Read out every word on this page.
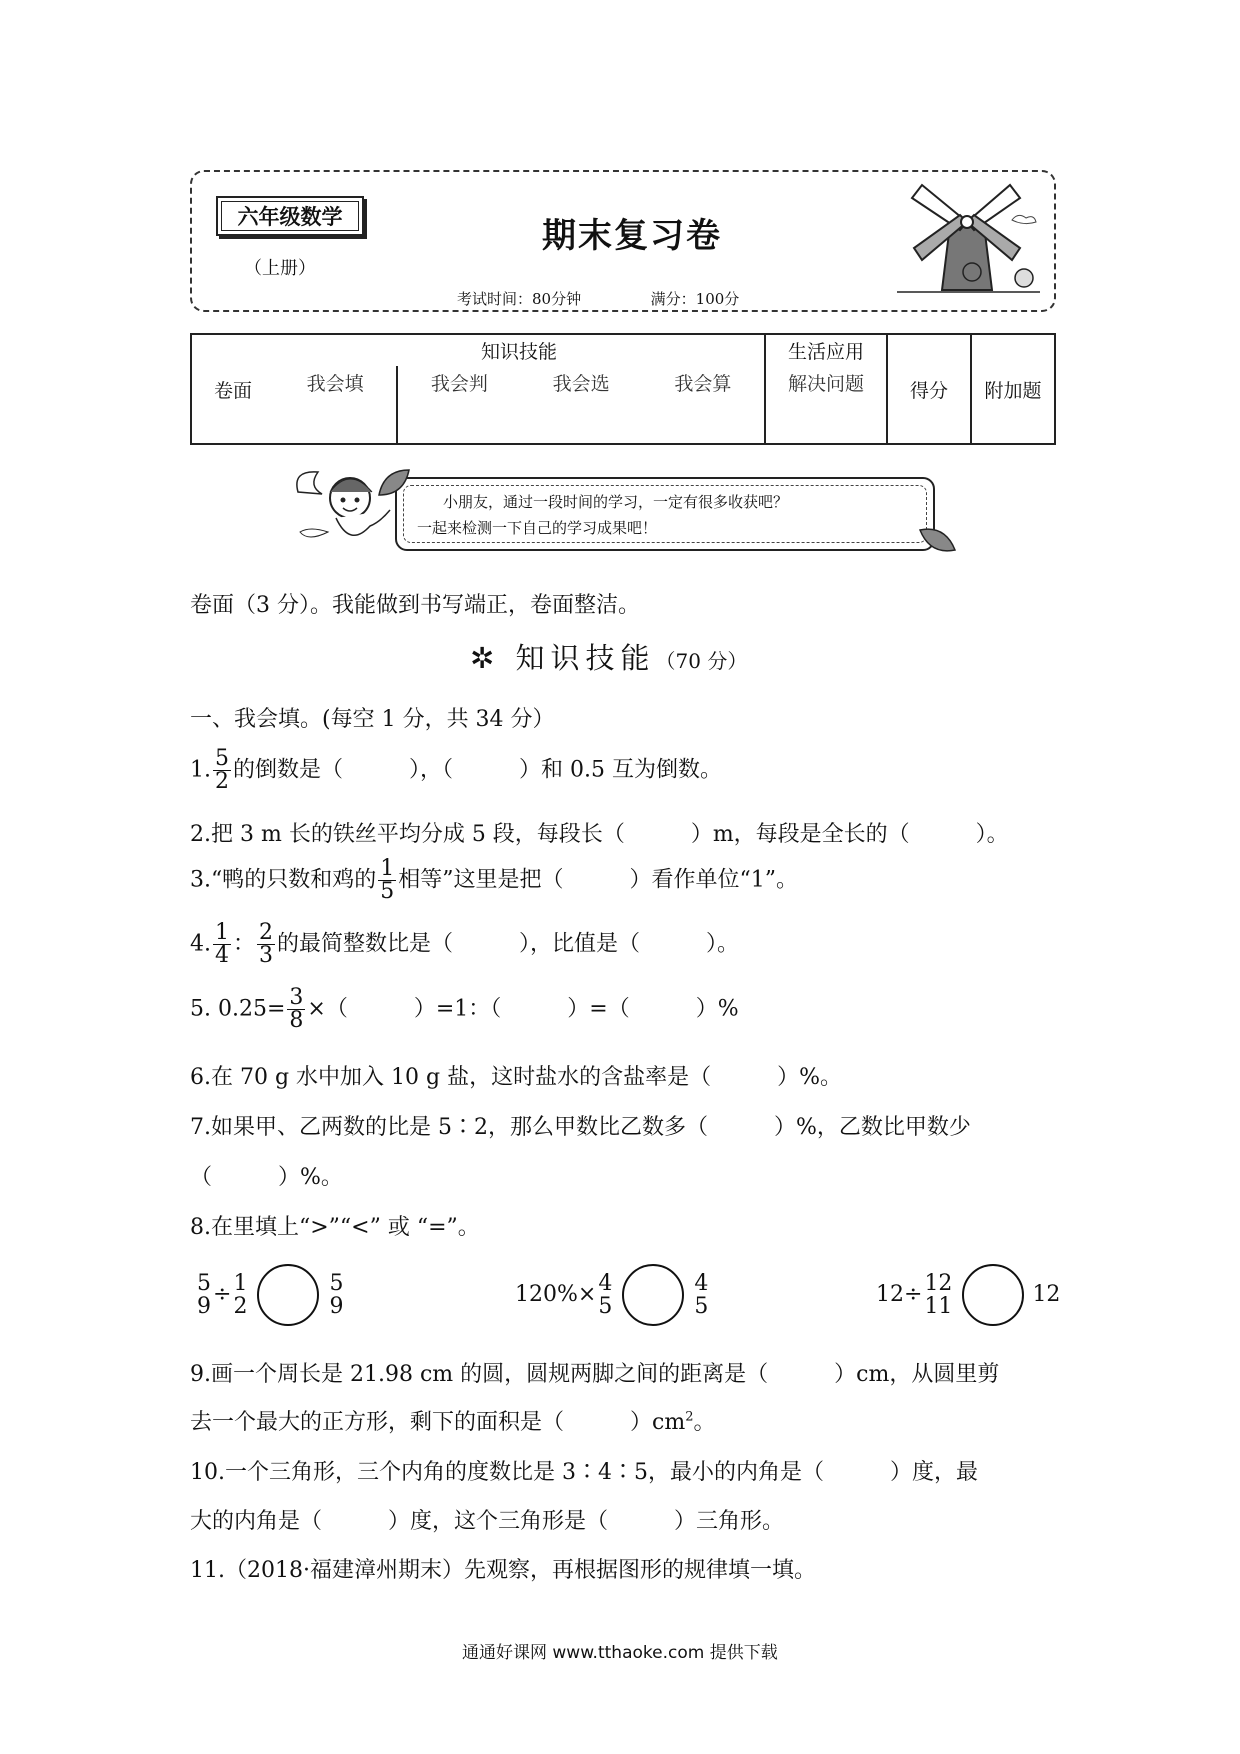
六年级数学
（上册）
期末复习卷
考试时间：80分钟	满分：100分
卷面	知识技能				生活应用	得分	附加题
	我会填	我会判	我会选	我会算	解决问题		

小朋友，通过一段时间的学习，一定有很多收获吧？
一起来检测一下自己的学习成果吧！
卷面（3 分）。我能做到书写端正，卷面整洁。
✲ 知识技能（70 分）
一、我会填。(每空 1 分，共 34 分）
1. $\frac{5}{2}$ 的倒数是（　　　），（　　　）和 0.5 互为倒数。
2.把 3 m 长的铁丝平均分成 5 段，每段长（　　　）m，每段是全长的（　　　）。
3.“鸭的只数和鸡的 $\frac{1}{5}$ 相等”这里是把（　　　）看作单位“1”。
4. $\frac{1}{4}$ ： $\frac{2}{3}$ 的最简整数比是（　　　），比值是（　　　）。
5. $0.25= \frac{3}{8}$ ×（　　　）=1：（　　　）=（　　　）%
6.在 70 g 水中加入 10 g 盐，这时盐水的含盐率是（　　　）%。
7.如果甲、乙两数的比是 5∶2，那么甲数比乙数多（　　　）%，乙数比甲数少
（　　　）%。
8.在里填上“>”“<” 或 “=”。
5
9 ÷ 1
2
5
9	120%× 4
5
4
5	12÷ 12
11	12
9.画一个周长是 21.98 cm 的圆，圆规两脚之间的距离是（　　　）cm，从圆里剪
去一个最大的正方形，剩下的面积是（　　　）$cm^2$。
10.一个三角形，三个内角的度数比是 3∶4∶5，最小的内角是（　　　）度，最
大的内角是（　　　）度，这个三角形是（　　　）三角形。
11.（2018·福建漳州期末）先观察，再根据图形的规律填一填。
通通好课网 www.tthaoke.com 提供下载
